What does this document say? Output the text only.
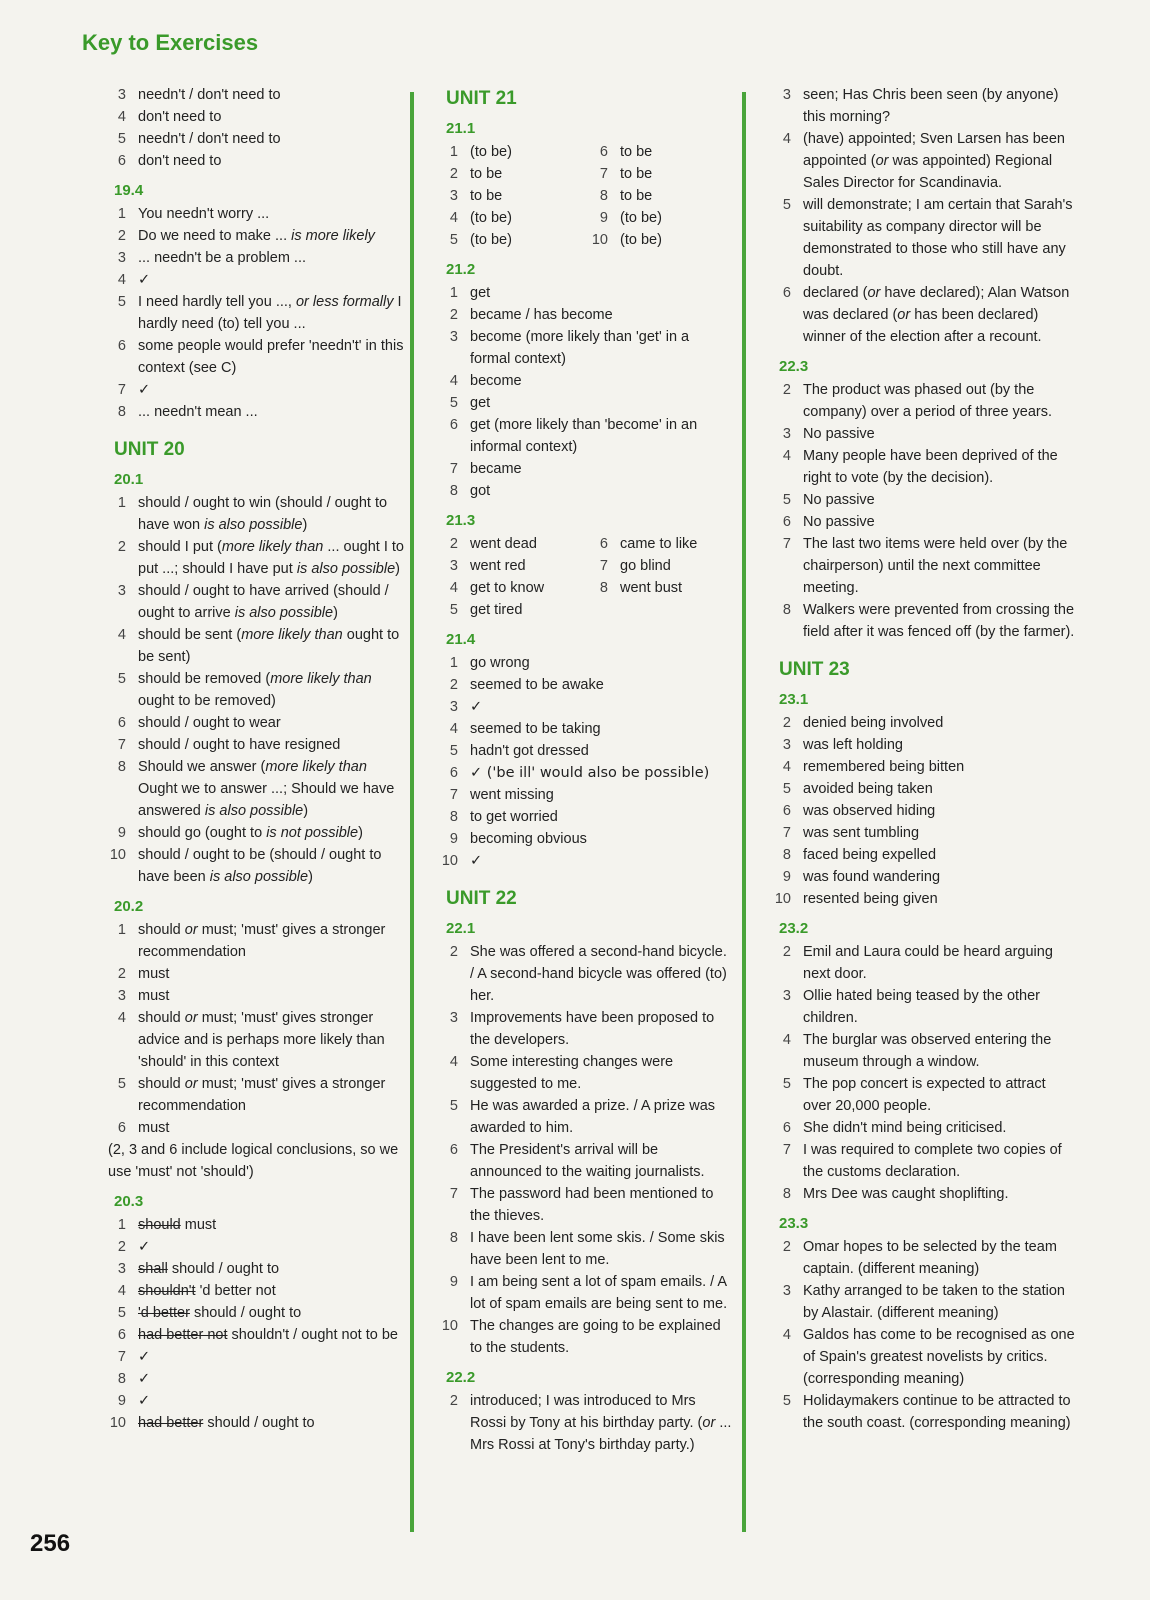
Key to Exercises
3 needn't / don't need to
4 don't need to
5 needn't / don't need to
6 don't need to
19.4
1 You needn't worry ...
2 Do we need to make ... is more likely
3 ... needn't be a problem ...
4 ✓
5 I need hardly tell you ..., or less formally I hardly need (to) tell you ...
6 some people would prefer 'needn't' in this context (see C)
7 ✓
8 ... needn't mean ...
UNIT 20
20.1
1 should / ought to win (should / ought to have won is also possible)
2 should I put (more likely than ... ought I to put ...; should I have put is also possible)
3 should / ought to have arrived (should / ought to arrive is also possible)
4 should be sent (more likely than ought to be sent)
5 should be removed (more likely than ought to be removed)
6 should / ought to wear
7 should / ought to have resigned
8 Should we answer (more likely than Ought we to answer ...; Should we have answered is also possible)
9 should go (ought to is not possible)
10 should / ought to be (should / ought to have been is also possible)
20.2
1 should or must; 'must' gives a stronger recommendation
2 must
3 must
4 should or must; 'must' gives stronger advice and is perhaps more likely than 'should' in this context
5 should or must; 'must' gives a stronger recommendation
6 must
(2, 3 and 6 include logical conclusions, so we use 'must' not 'should')
20.3
1 should must
2 ✓
3 shall should / ought to
4 shouldn't 'd better not
5 'd better should / ought to
6 had better not shouldn't / ought not to be
7 ✓
8 ✓
9 ✓
10 had better should / ought to
UNIT 21
21.1
1 (to be)
2 to be
3 to be
4 (to be)
5 (to be)
6 to be
7 to be
8 to be
9 (to be)
10 (to be)
21.2
1 get
2 became / has become
3 become (more likely than 'get' in a formal context)
4 become
5 get
6 get (more likely than 'become' in an informal context)
7 became
8 got
21.3
2 went dead
3 went red
4 get to know
5 get tired
6 came to like
7 go blind
8 went bust
21.4
1 go wrong
2 seemed to be awake
3 ✓
4 seemed to be taking
5 hadn't got dressed
6 ✓ ('be ill' would also be possible)
7 went missing
8 to get worried
9 becoming obvious
10 ✓
UNIT 22
22.1
2 She was offered a second-hand bicycle. / A second-hand bicycle was offered (to) her.
3 Improvements have been proposed to the developers.
4 Some interesting changes were suggested to me.
5 He was awarded a prize. / A prize was awarded to him.
6 The President's arrival will be announced to the waiting journalists.
7 The password had been mentioned to the thieves.
8 I have been lent some skis. / Some skis have been lent to me.
9 I am being sent a lot of spam emails. / A lot of spam emails are being sent to me.
10 The changes are going to be explained to the students.
22.2
2 introduced; I was introduced to Mrs Rossi by Tony at his birthday party. (or ... Mrs Rossi at Tony's birthday party.)
3 seen; Has Chris been seen (by anyone) this morning?
4 (have) appointed; Sven Larsen has been appointed (or was appointed) Regional Sales Director for Scandinavia.
5 will demonstrate; I am certain that Sarah's suitability as company director will be demonstrated to those who still have any doubt.
6 declared (or have declared); Alan Watson was declared (or has been declared) winner of the election after a recount.
22.3
2 The product was phased out (by the company) over a period of three years.
3 No passive
4 Many people have been deprived of the right to vote (by the decision).
5 No passive
6 No passive
7 The last two items were held over (by the chairperson) until the next committee meeting.
8 Walkers were prevented from crossing the field after it was fenced off (by the farmer).
UNIT 23
23.1
2 denied being involved
3 was left holding
4 remembered being bitten
5 avoided being taken
6 was observed hiding
7 was sent tumbling
8 faced being expelled
9 was found wandering
10 resented being given
23.2
2 Emil and Laura could be heard arguing next door.
3 Ollie hated being teased by the other children.
4 The burglar was observed entering the museum through a window.
5 The pop concert is expected to attract over 20,000 people.
6 She didn't mind being criticised.
7 I was required to complete two copies of the customs declaration.
8 Mrs Dee was caught shoplifting.
23.3
2 Omar hopes to be selected by the team captain. (different meaning)
3 Kathy arranged to be taken to the station by Alastair. (different meaning)
4 Galdos has come to be recognised as one of Spain's greatest novelists by critics. (corresponding meaning)
5 Holidaymakers continue to be attracted to the south coast. (corresponding meaning)
256
